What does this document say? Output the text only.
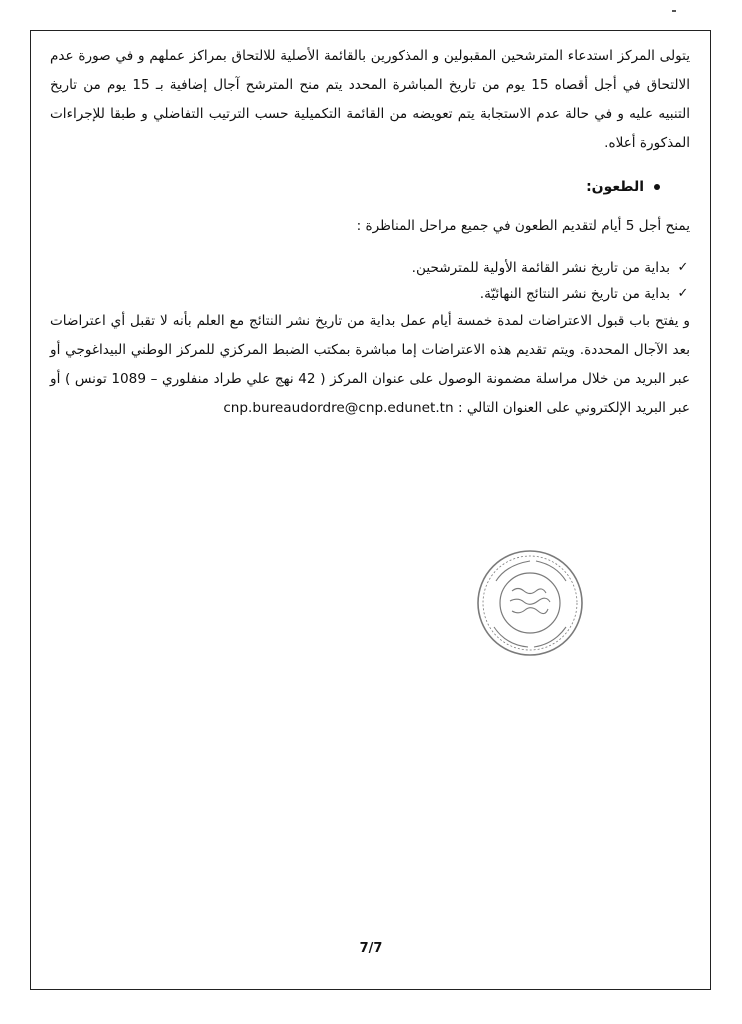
يتولى المركز استدعاء المترشحين المقبولين و المذكورين بالقائمة الأصلية للالتحاق بمراكز عملهم و في صورة عدم الالتحاق في أجل أقصاه 15 يوم من تاريخ المباشرة المحدد يتم منح المترشح آجال إضافية بـ 15 يوم من تاريخ التنبيه عليه و في حالة عدم الاستجابة يتم تعويضه من القائمة التكميلية حسب الترتيب التفاضلي و طبقا للإجراءات المذكورة أعلاه.

الطعون:

يمنح أجل 5 أيام لتقديم الطعون في جميع مراحل المناظرة :

✓
بداية من تاريخ نشر القائمة الأولية للمترشحين.
✓
بداية من تاريخ نشر النتائج النهائيّة.

و يفتح باب قبول الاعتراضات لمدة خمسة أيام عمل بداية من تاريخ نشر النتائج مع العلم بأنه لا تقبل أي اعتراضات بعد الآجال المحددة. ويتم تقديم هذه الاعتراضات إما مباشرة بمكتب الضبط المركزي للمركز الوطني البيداغوجي أو عبر البريد من خلال مراسلة مضمونة الوصول على عنوان المركز ( 42 نهج علي طراد منفلوري – 1089 تونس ) أو عبر البريد الإلكتروني على العنوان التالي : cnp.bureaudordre@cnp.edunet.tn

7/7
